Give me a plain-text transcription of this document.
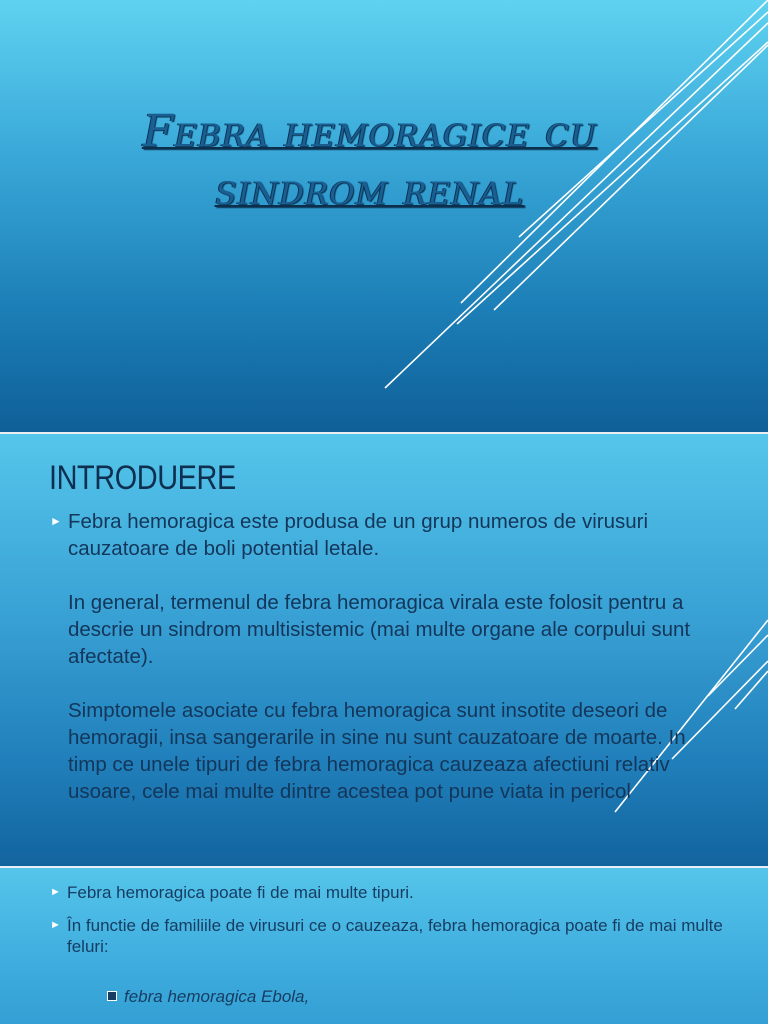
Febra hemoragice cu
sindrom renal
INTRODUERE
► Febra hemoragica este produsa de un grup numeros de virusuri cauzatoare de boli potential letale.
In general, termenul de febra hemoragica virala este folosit pentru a descrie un sindrom multisistemic (mai multe organe ale corpului sunt afectate).
Simptomele asociate cu febra hemoragica sunt insotite deseori de hemoragii, insa sangerarile in sine nu sunt cauzatoare de moarte. In timp ce unele tipuri de febra hemoragica cauzeaza afectiuni relativ usoare, cele mai multe dintre acestea pot pune viata in pericol
► Febra hemoragica poate fi de mai multe tipuri.
► În functie de familiile de virusuri ce o cauzeaza, febra hemoragica poate fi de mai multe feluri:
febra hemoragica Ebola,
